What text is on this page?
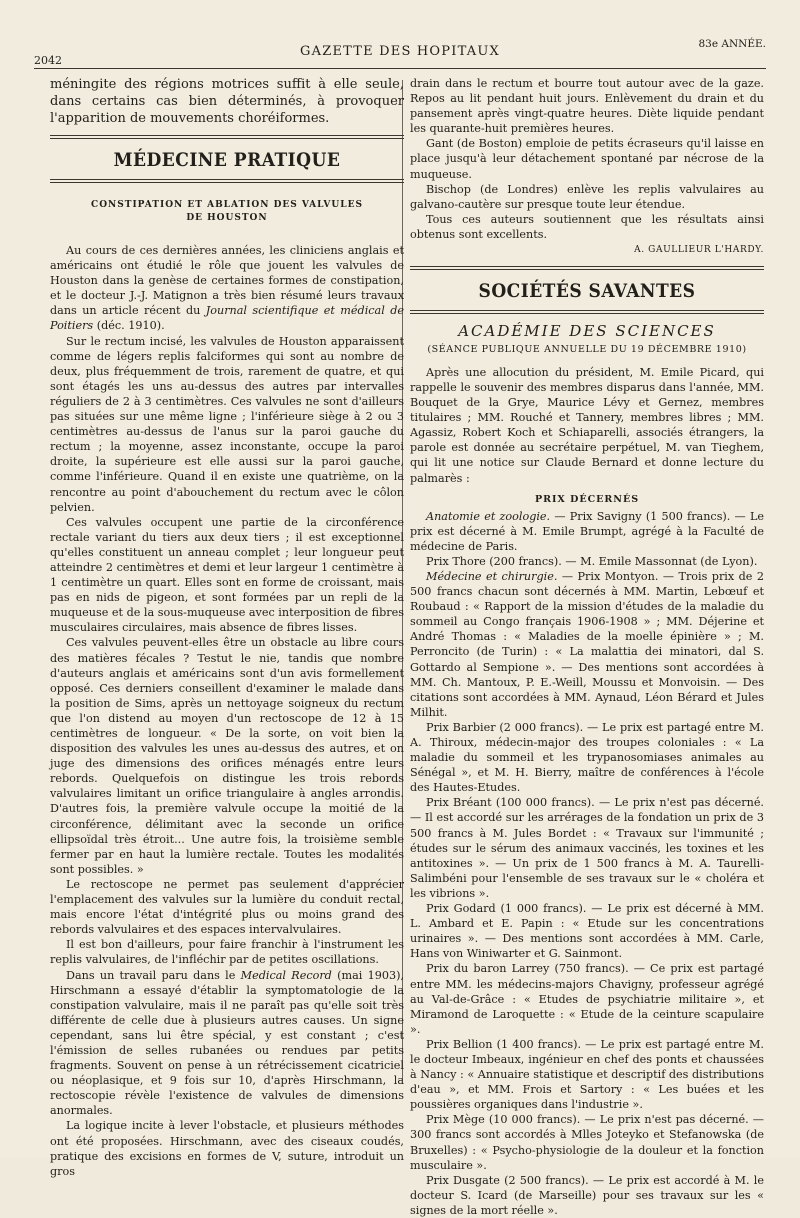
2042
GAZETTE DES HOPITAUX	83e ANNÉE.

méningite des régions motrices suffit à elle seule, dans certains cas bien déterminés, à provoquer l'apparition de mouvements choréiformes.

MÉDECINE PRATIQUE
CONSTIPATION ET ABLATION DES VALVULES
DE HOUSTON

Au cours de ces dernières années, les cliniciens anglais et américains ont étudié le rôle que jouent les valvules de Houston dans la genèse de certaines formes de constipation, et le docteur J.-J. Matignon a très bien résumé leurs travaux dans un article récent du Journal scientifique et médical de Poitiers (déc. 1910).

Sur le rectum incisé, les valvules de Houston apparaissent comme de légers replis falciformes qui sont au nombre de deux, plus fréquemment de trois, rarement de quatre, et qui sont étagés les uns au-dessus des autres par intervalles réguliers de 2 à 3 centimètres. Ces valvules ne sont d'ailleurs pas situées sur une même ligne ; l'inférieure siège à 2 ou 3 centimètres au-dessus de l'anus sur la paroi gauche du rectum ; la moyenne, assez inconstante, occupe la paroi droite, la supérieure est elle aussi sur la paroi gauche, comme l'inférieure. Quand il en existe une quatrième, on la rencontre au point d'abouchement du rectum avec le côlon pelvien.

Ces valvules occupent une partie de la circonférence rectale variant du tiers aux deux tiers ; il est exceptionnel qu'elles constituent un anneau complet ; leur longueur peut atteindre 2 centimètres et demi et leur largeur 1 centimètre à 1 centimètre un quart. Elles sont en forme de croissant, mais pas en nids de pigeon, et sont formées par un repli de la muqueuse et de la sous-muqueuse avec interposition de fibres musculaires circulaires, mais absence de fibres lisses.

Ces valvules peuvent-elles être un obstacle au libre cours des matières fécales ? Testut le nie, tandis que nombre d'auteurs anglais et américains sont d'un avis formellement opposé. Ces derniers conseillent d'examiner le malade dans la position de Sims, après un nettoyage soigneux du rectum que l'on distend au moyen d'un rectoscope de 12 à 15 centimètres de longueur. « De la sorte, on voit bien la disposition des valvules les unes au-dessus des autres, et on juge des dimensions des orifices ménagés entre leurs rebords. Quelquefois on distingue les trois rebords valvulaires limitant un orifice triangulaire à angles arrondis. D'autres fois, la première valvule occupe la moitié de la circonférence, délimitant avec la seconde un orifice ellipsoïdal très étroit... Une autre fois, la troisième semble fermer par en haut la lumière rectale. Toutes les modalités sont possibles. »

Le rectoscope ne permet pas seulement d'apprécier l'emplacement des valvules sur la lumière du conduit rectal, mais encore l'état d'intégrité plus ou moins grand des rebords valvulaires et des espaces intervalvulaires.

Il est bon d'ailleurs, pour faire franchir à l'instrument les replis valvulaires, de l'infléchir par de petites oscillations.

Dans un travail paru dans le Medical Record (mai 1903), Hirschmann a essayé d'établir la symptomatologie de la constipation valvulaire, mais il ne paraît pas qu'elle soit très différente de celle due à plusieurs autres causes. Un signe cependant, sans lui être spécial, y est constant ; c'est l'émission de selles rubanées ou rendues par petits fragments. Souvent on pense à un rétrécissement cicatriciel ou néoplasique, et 9 fois sur 10, d'après Hirschmann, la rectoscopie révèle l'existence de valvules de dimensions anormales.

La logique incite à lever l'obstacle, et plusieurs méthodes ont été proposées. Hirschmann, avec des ciseaux coudés, pratique des excisions en formes de V, suture, introduit un gros

drain dans le rectum et bourre tout autour avec de la gaze. Repos au lit pendant huit jours. Enlèvement du drain et du pansement après vingt-quatre heures. Diète liquide pendant les quarante-huit premières heures.

Gant (de Boston) emploie de petits écraseurs qu'il laisse en place jusqu'à leur détachement spontané par nécrose de la muqueuse.

Bischop (de Londres) enlève les replis valvulaires au galvano-cautère sur presque toute leur étendue.

Tous ces auteurs soutiennent que les résultats ainsi obtenus sont excellents.
A. GAULLIEUR L'HARDY.
SOCIÉTÉS SAVANTES
ACADÉMIE DES SCIENCES
(SÉANCE PUBLIQUE ANNUELLE DU 19 DÉCEMBRE 1910)

Après une allocution du président, M. Emile Picard, qui rappelle le souvenir des membres disparus dans l'année, MM. Bouquet de la Grye, Maurice Lévy et Gernez, membres titulaires ; MM. Rouché et Tannery, membres libres ; MM. Agassiz, Robert Koch et Schiaparelli, associés étrangers, la parole est donnée au secrétaire perpétuel, M. van Tieghem, qui lit une notice sur Claude Bernard et donne lecture du palmarès :

PRIX DÉCERNÉS

Anatomie et zoologie. — Prix Savigny (1 500 francs). — Le prix est décerné à M. Emile Brumpt, agrégé à la Faculté de médecine de Paris.

Prix Thore (200 francs). — M. Emile Massonnat (de Lyon).

Médecine et chirurgie. — Prix Montyon. — Trois prix de 2 500 francs chacun sont décernés à MM. Martin, Lebœuf et Roubaud : « Rapport de la mission d'études de la maladie du sommeil au Congo français 1906-1908 » ; MM. Déjerine et André Thomas : « Maladies de la moelle épinière » ; M. Perroncito (de Turin) : « La malattia dei minatori, dal S. Gottardo al Sempione ». — Des mentions sont accordées à MM. Ch. Mantoux, P. E.-Weill, Moussu et Monvoisin. — Des citations sont accordées à MM. Aynaud, Léon Bérard et Jules Milhit.

Prix Barbier (2 000 francs). — Le prix est partagé entre M. A. Thiroux, médecin-major des troupes coloniales : « La maladie du sommeil et les trypanosomiases animales au Sénégal », et M. H. Bierry, maître de conférences à l'école des Hautes-Etudes.

Prix Bréant (100 000 francs). — Le prix n'est pas décerné. — Il est accordé sur les arrérages de la fondation un prix de 3 500 francs à M. Jules Bordet : « Travaux sur l'immunité ; études sur le sérum des animaux vaccinés, les toxines et les antitoxines ». — Un prix de 1 500 francs à M. A. Taurelli-Salimbéni pour l'ensemble de ses travaux sur le « choléra et les vibrions ».

Prix Godard (1 000 francs). — Le prix est décerné à MM. L. Ambard et E. Papin : « Etude sur les concentrations urinaires ». — Des mentions sont accordées à MM. Carle, Hans von Winiwarter et G. Sainmont.

Prix du baron Larrey (750 francs). — Ce prix est partagé entre MM. les médecins-majors Chavigny, professeur agrégé au Val-de-Grâce : « Etudes de psychiatrie militaire », et Miramond de Laroquette : « Etude de la ceinture scapulaire ».

Prix Bellion (1 400 francs). — Le prix est partagé entre M. le docteur Imbeaux, ingénieur en chef des ponts et chaussées à Nancy : « Annuaire statistique et descriptif des distributions d'eau », et MM. Frois et Sartory : « Les buées et les poussières organiques dans l'industrie ».

Prix Mège (10 000 francs). — Le prix n'est pas décerné. — 300 francs sont accordés à Mlles Joteyko et Stefanowska (de Bruxelles) : « Psycho-physiologie de la douleur et la fonction musculaire ».

Prix Dusgate (2 500 francs). — Le prix est accordé à M. le docteur S. Icard (de Marseille) pour ses travaux sur les « signes de la mort réelle ».
